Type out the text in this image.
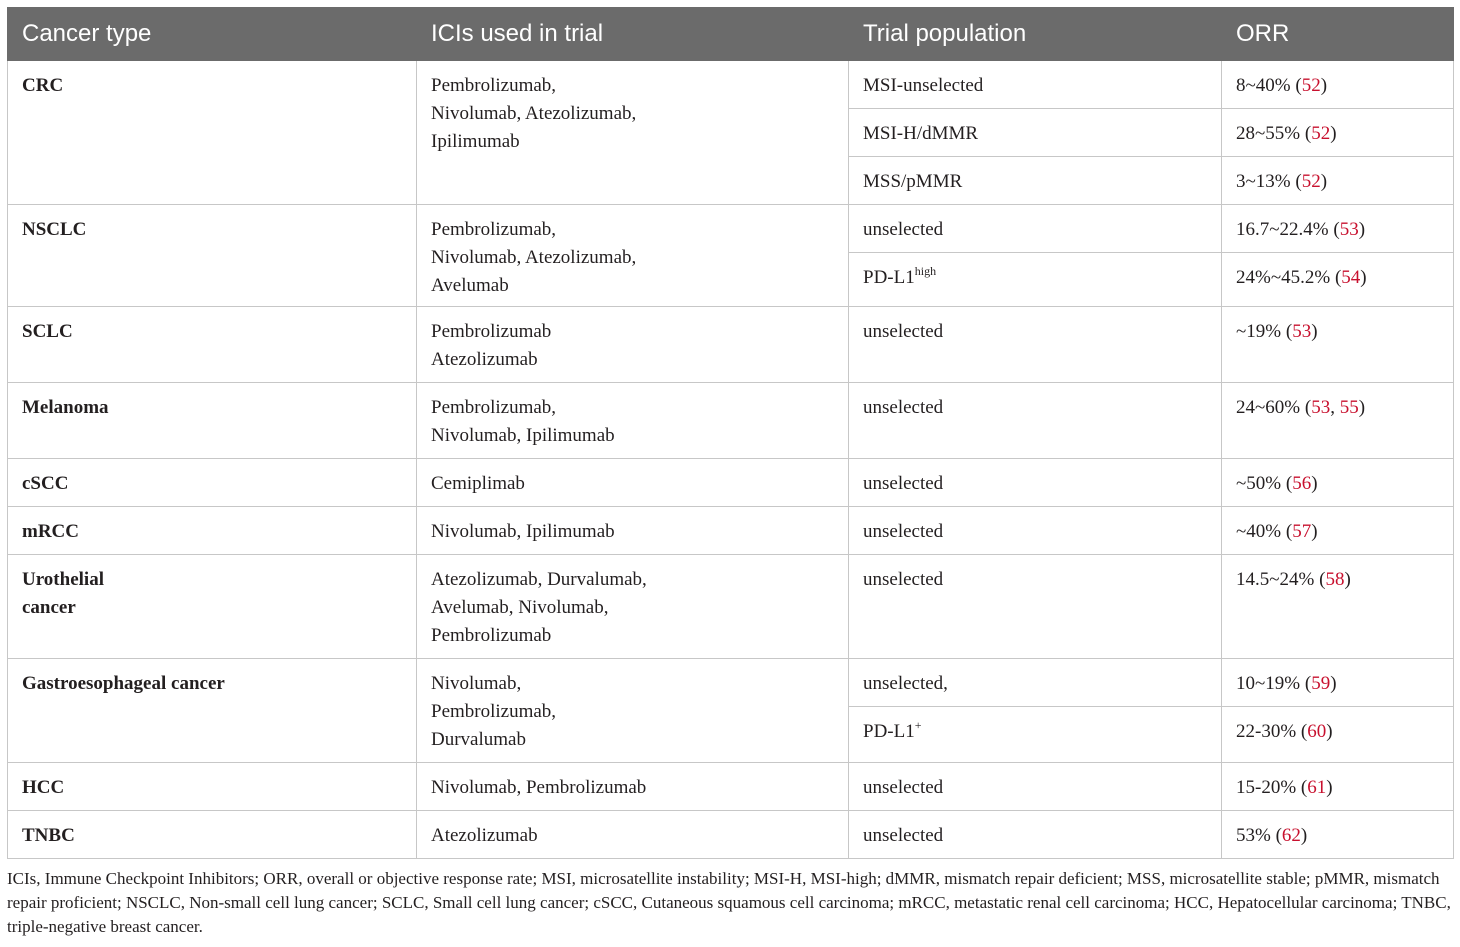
Cancer type	ICIs used in trial	Trial population	ORR
CRC	Pembrolizumab,
Nivolumab, Atezolizumab,
Ipilimumab	MSI-unselected	8~40% (52)
		MSI-H/dMMR	28~55% (52)
		MSS/pMMR	3~13% (52)
NSCLC	Pembrolizumab,
Nivolumab, Atezolizumab,
Avelumab	unselected	16.7~22.4% (53)
		$PD-L1^{high}$	24%~45.2% (54)
SCLC	Pembrolizumab
Atezolizumab	unselected	~19% (53)
Melanoma	Pembrolizumab,
Nivolumab, Ipilimumab	unselected	24~60% (53, 55)
cSCC	Cemiplimab	unselected	~50% (56)
mRCC	Nivolumab, Ipilimumab	unselected	~40% (57)
Urothelial
cancer	Atezolizumab, Durvalumab,
Avelumab, Nivolumab,
Pembrolizumab	unselected	14.5~24% (58)
Gastroesophageal cancer	Nivolumab,
Pembrolizumab,
Durvalumab	unselected,	10~19% (59)
		PD-L1+	22-30% (60)
HCC	Nivolumab, Pembrolizumab	unselected	15-20% (61)
TNBC	Atezolizumab	unselected	53% (62)
ICIs, Immune Checkpoint Inhibitors; ORR, overall or objective response rate; MSI, microsatellite instability; MSI-H, MSI-high; dMMR, mismatch repair deficient; MSS, microsatellite stable; pMMR, mismatch repair proficient; NSCLC, Non-small cell lung cancer; SCLC, Small cell lung cancer; cSCC, Cutaneous squamous cell carcinoma; mRCC, metastatic renal cell carcinoma; HCC, Hepatocellular carcinoma; TNBC, triple-negative breast cancer.
